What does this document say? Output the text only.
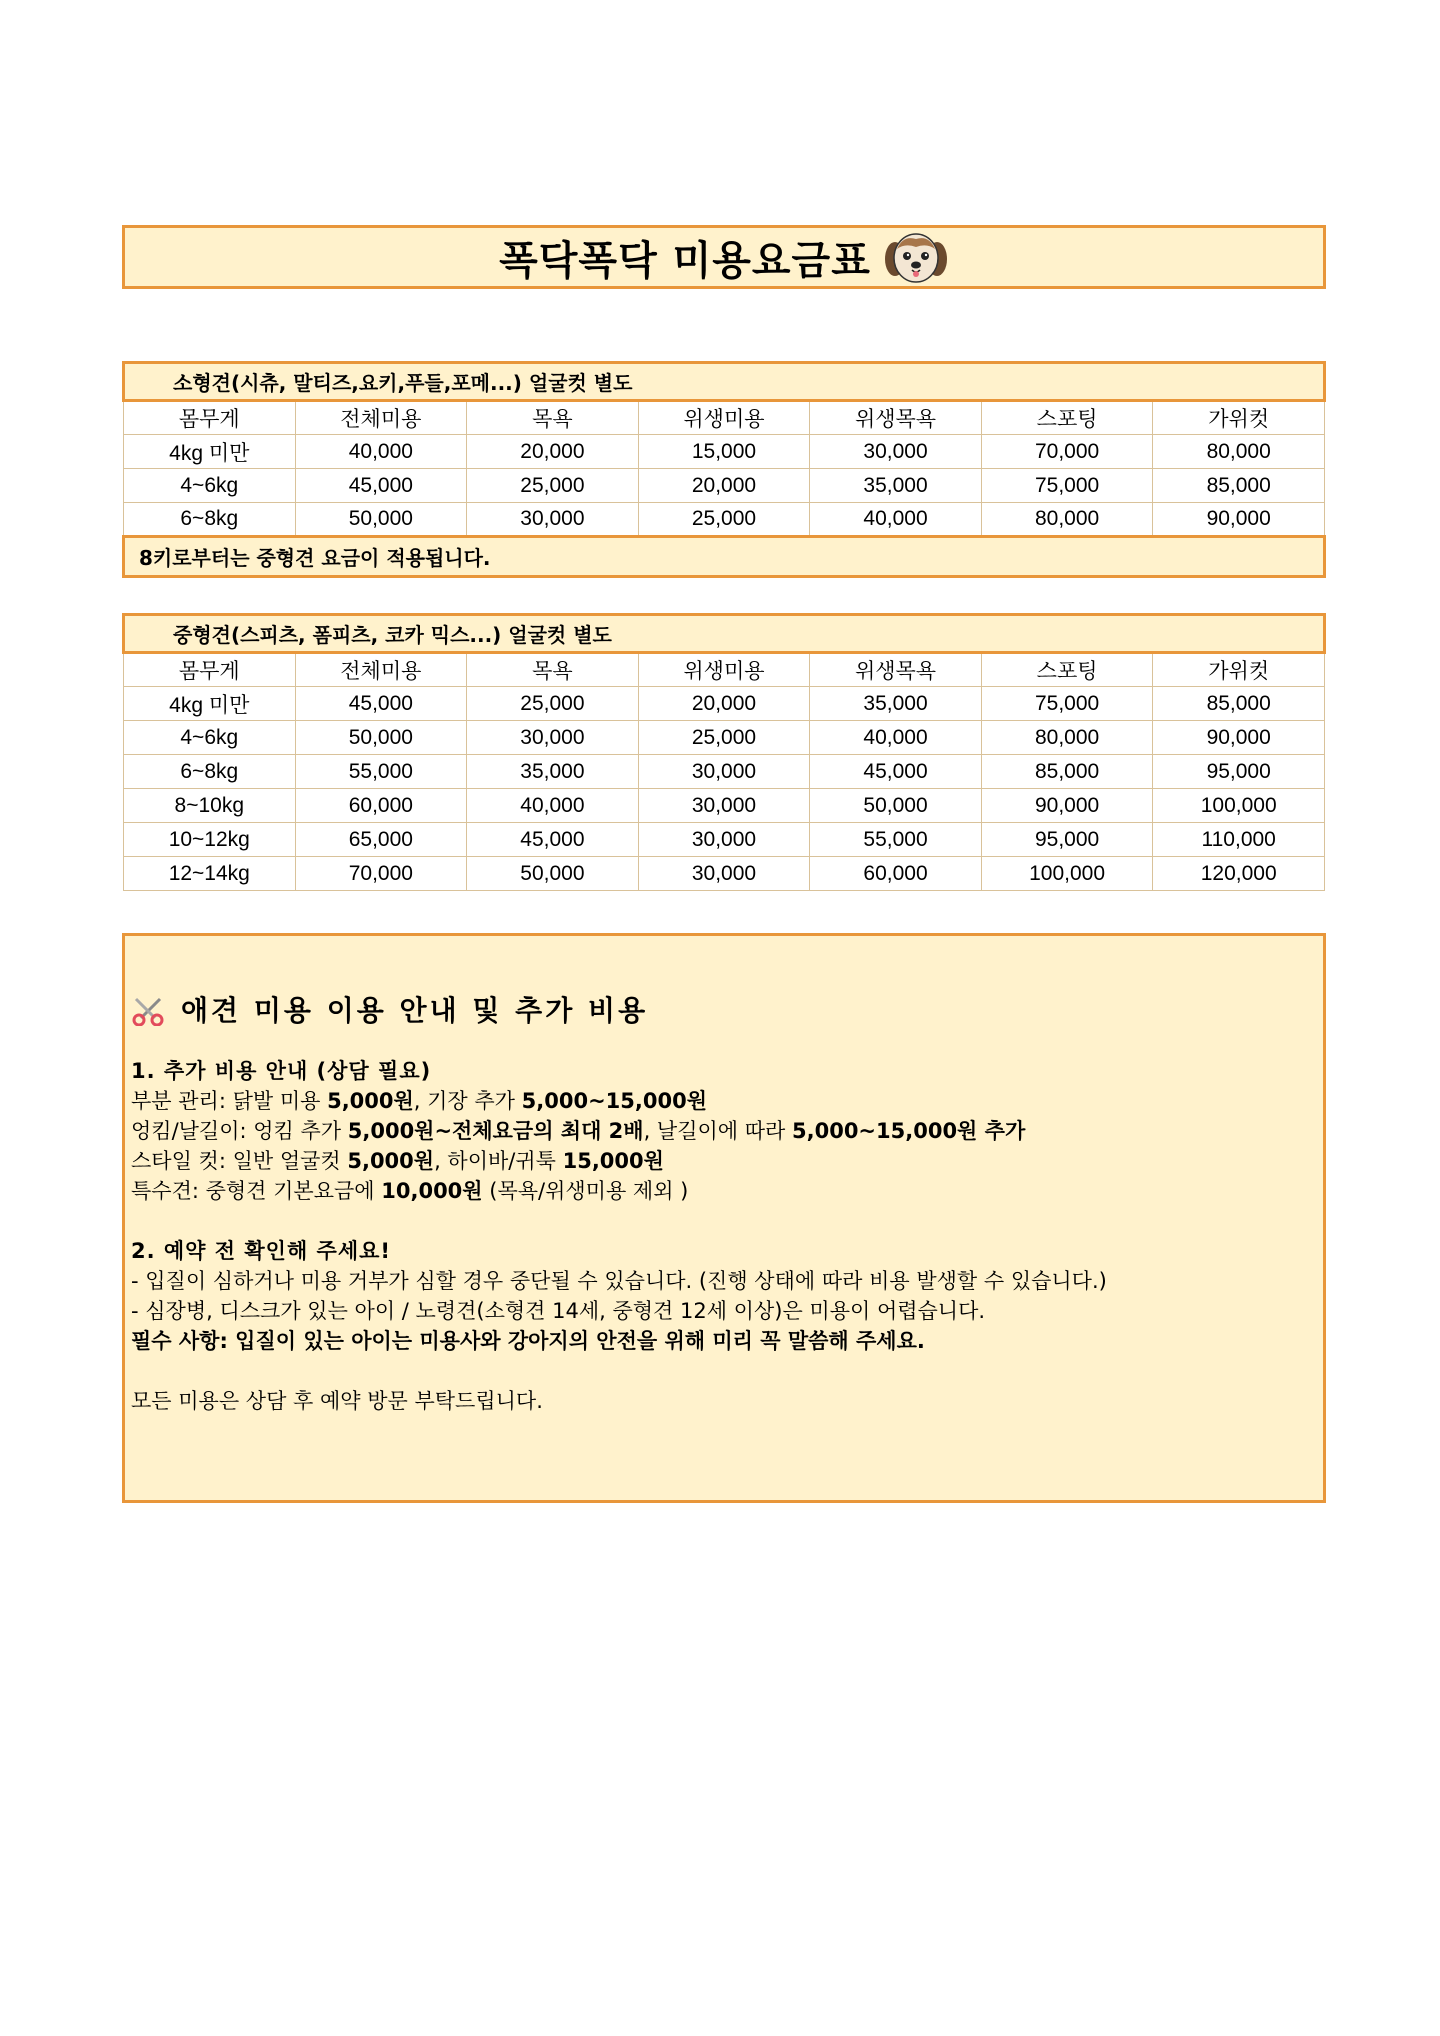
폭닥폭닥 미용요금표
소형견(시츄, 말티즈,요키,푸들,포메...) 얼굴컷 별도						
몸무게	전체미용	목욕	위생미용	위생목욕	스포팅	가위컷
4kg 미만	40,000	20,000	15,000	30,000	70,000	80,000
4~6kg	45,000	25,000	20,000	35,000	75,000	85,000
6~8kg	50,000	30,000	25,000	40,000	80,000	90,000
8키로부터는 중형견 요금이 적용됩니다.						
중형견(스피츠, 폼피츠, 코카 믹스...) 얼굴컷 별도						
몸무게	전체미용	목욕	위생미용	위생목욕	스포팅	가위컷
4kg 미만	45,000	25,000	20,000	35,000	75,000	85,000
4~6kg	50,000	30,000	25,000	40,000	80,000	90,000
6~8kg	55,000	35,000	30,000	45,000	85,000	95,000
8~10kg	60,000	40,000	30,000	50,000	90,000	100,000
10~12kg	65,000	45,000	30,000	55,000	95,000	110,000
12~14kg	70,000	50,000	30,000	60,000	100,000	120,000
애견 미용 이용 안내 및 추가 비용
1. 추가 비용 안내 (상담 필요)
부분 관리: 닭발 미용 5,000원, 기장 추가 5,000~15,000원
엉킴/날길이: 엉킴 추가 5,000원~전체요금의 최대 2배, 날길이에 따라 5,000~15,000원 추가
스타일 컷: 일반 얼굴컷 5,000원, 하이바/귀툭 15,000원
특수견: 중형견 기본요금에 10,000원 (목욕/위생미용 제외 )
2. 예약 전 확인해 주세요!
- 입질이 심하거나 미용 거부가 심할 경우 중단될 수 있습니다. (진행 상태에 따라 비용 발생할 수 있습니다.)
- 심장병, 디스크가 있는 아이 / 노령견(소형견 14세, 중형견 12세 이상)은 미용이 어렵습니다.
필수 사항: 입질이 있는 아이는 미용사와 강아지의 안전을 위해 미리 꼭 말씀해 주세요.
모든 미용은 상담 후 예약 방문 부탁드립니다.
